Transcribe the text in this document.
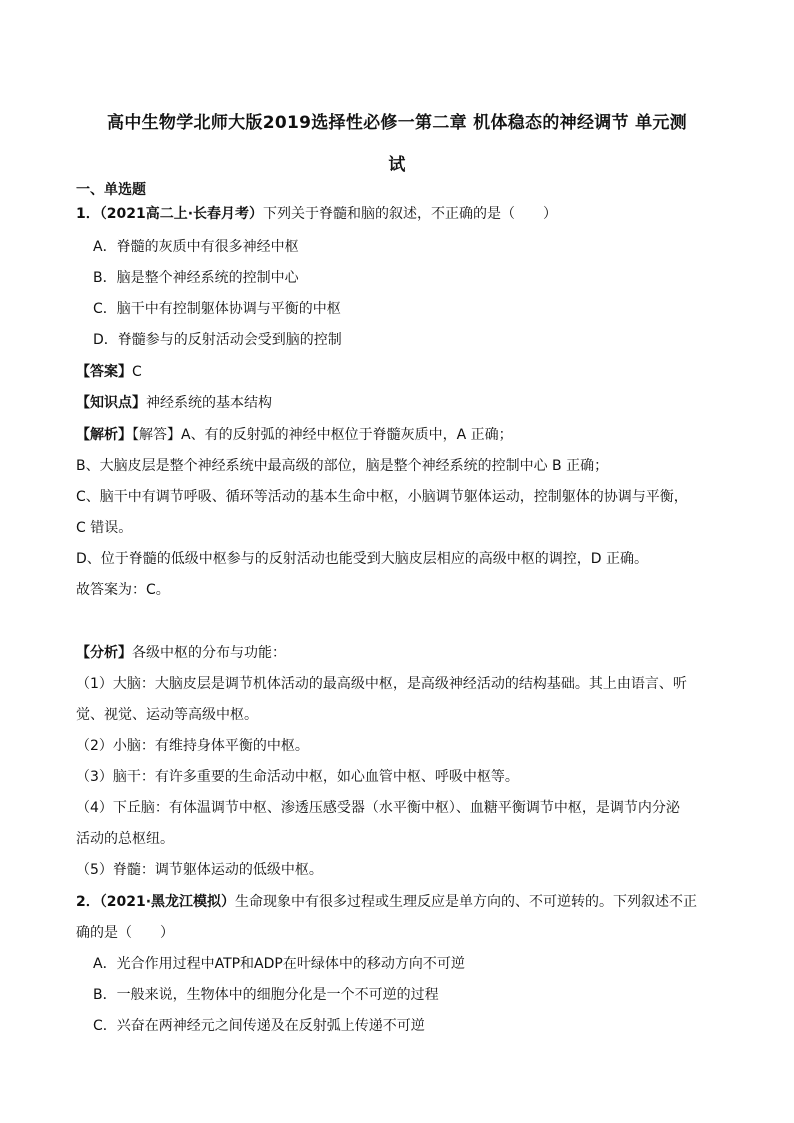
高中生物学北师大版2019选择性必修一第二章 机体稳态的神经调节 单元测
试
一、单选题
1．（2021高二上·长春月考）下列关于脊髓和脑的叙述，不正确的是（　　）
A．脊髓的灰质中有很多神经中枢
B．脑是整个神经系统的控制中心
C．脑干中有控制躯体协调与平衡的中枢
D．脊髓参与的反射活动会受到脑的控制
【答案】C
【知识点】神经系统的基本结构
【解析】【解答】A、有的反射弧的神经中枢位于脊髓灰质中，A 正确；
B、大脑皮层是整个神经系统中最高级的部位，脑是整个神经系统的控制中心 B 正确；
C、脑干中有调节呼吸、循环等活动的基本生命中枢，小脑调节躯体运动，控制躯体的协调与平衡，
C 错误。
D、位于脊髓的低级中枢参与的反射活动也能受到大脑皮层相应的高级中枢的调控，D 正确。
故答案为：C。
【分析】各级中枢的分布与功能：
（1）大脑：大脑皮层是调节机体活动的最高级中枢，是高级神经活动的结构基础。其上由语言、听
觉、视觉、运动等高级中枢。
（2）小脑：有维持身体平衡的中枢。
（3）脑干：有许多重要的生命活动中枢，如心血管中枢、呼吸中枢等。
（4）下丘脑：有体温调节中枢、渗透压感受器（水平衡中枢）、血糖平衡调节中枢，是调节内分泌
活动的总枢纽。
（5）脊髓：调节躯体运动的低级中枢。
2．（2021·黑龙江模拟）生命现象中有很多过程或生理反应是单方向的、不可逆转的。下列叙述不正
确的是（　　）
A．光合作用过程中ATP和ADP在叶绿体中的移动方向不可逆
B．一般来说，生物体中的细胞分化是一个不可逆的过程
C．兴奋在两神经元之间传递及在反射弧上传递不可逆
